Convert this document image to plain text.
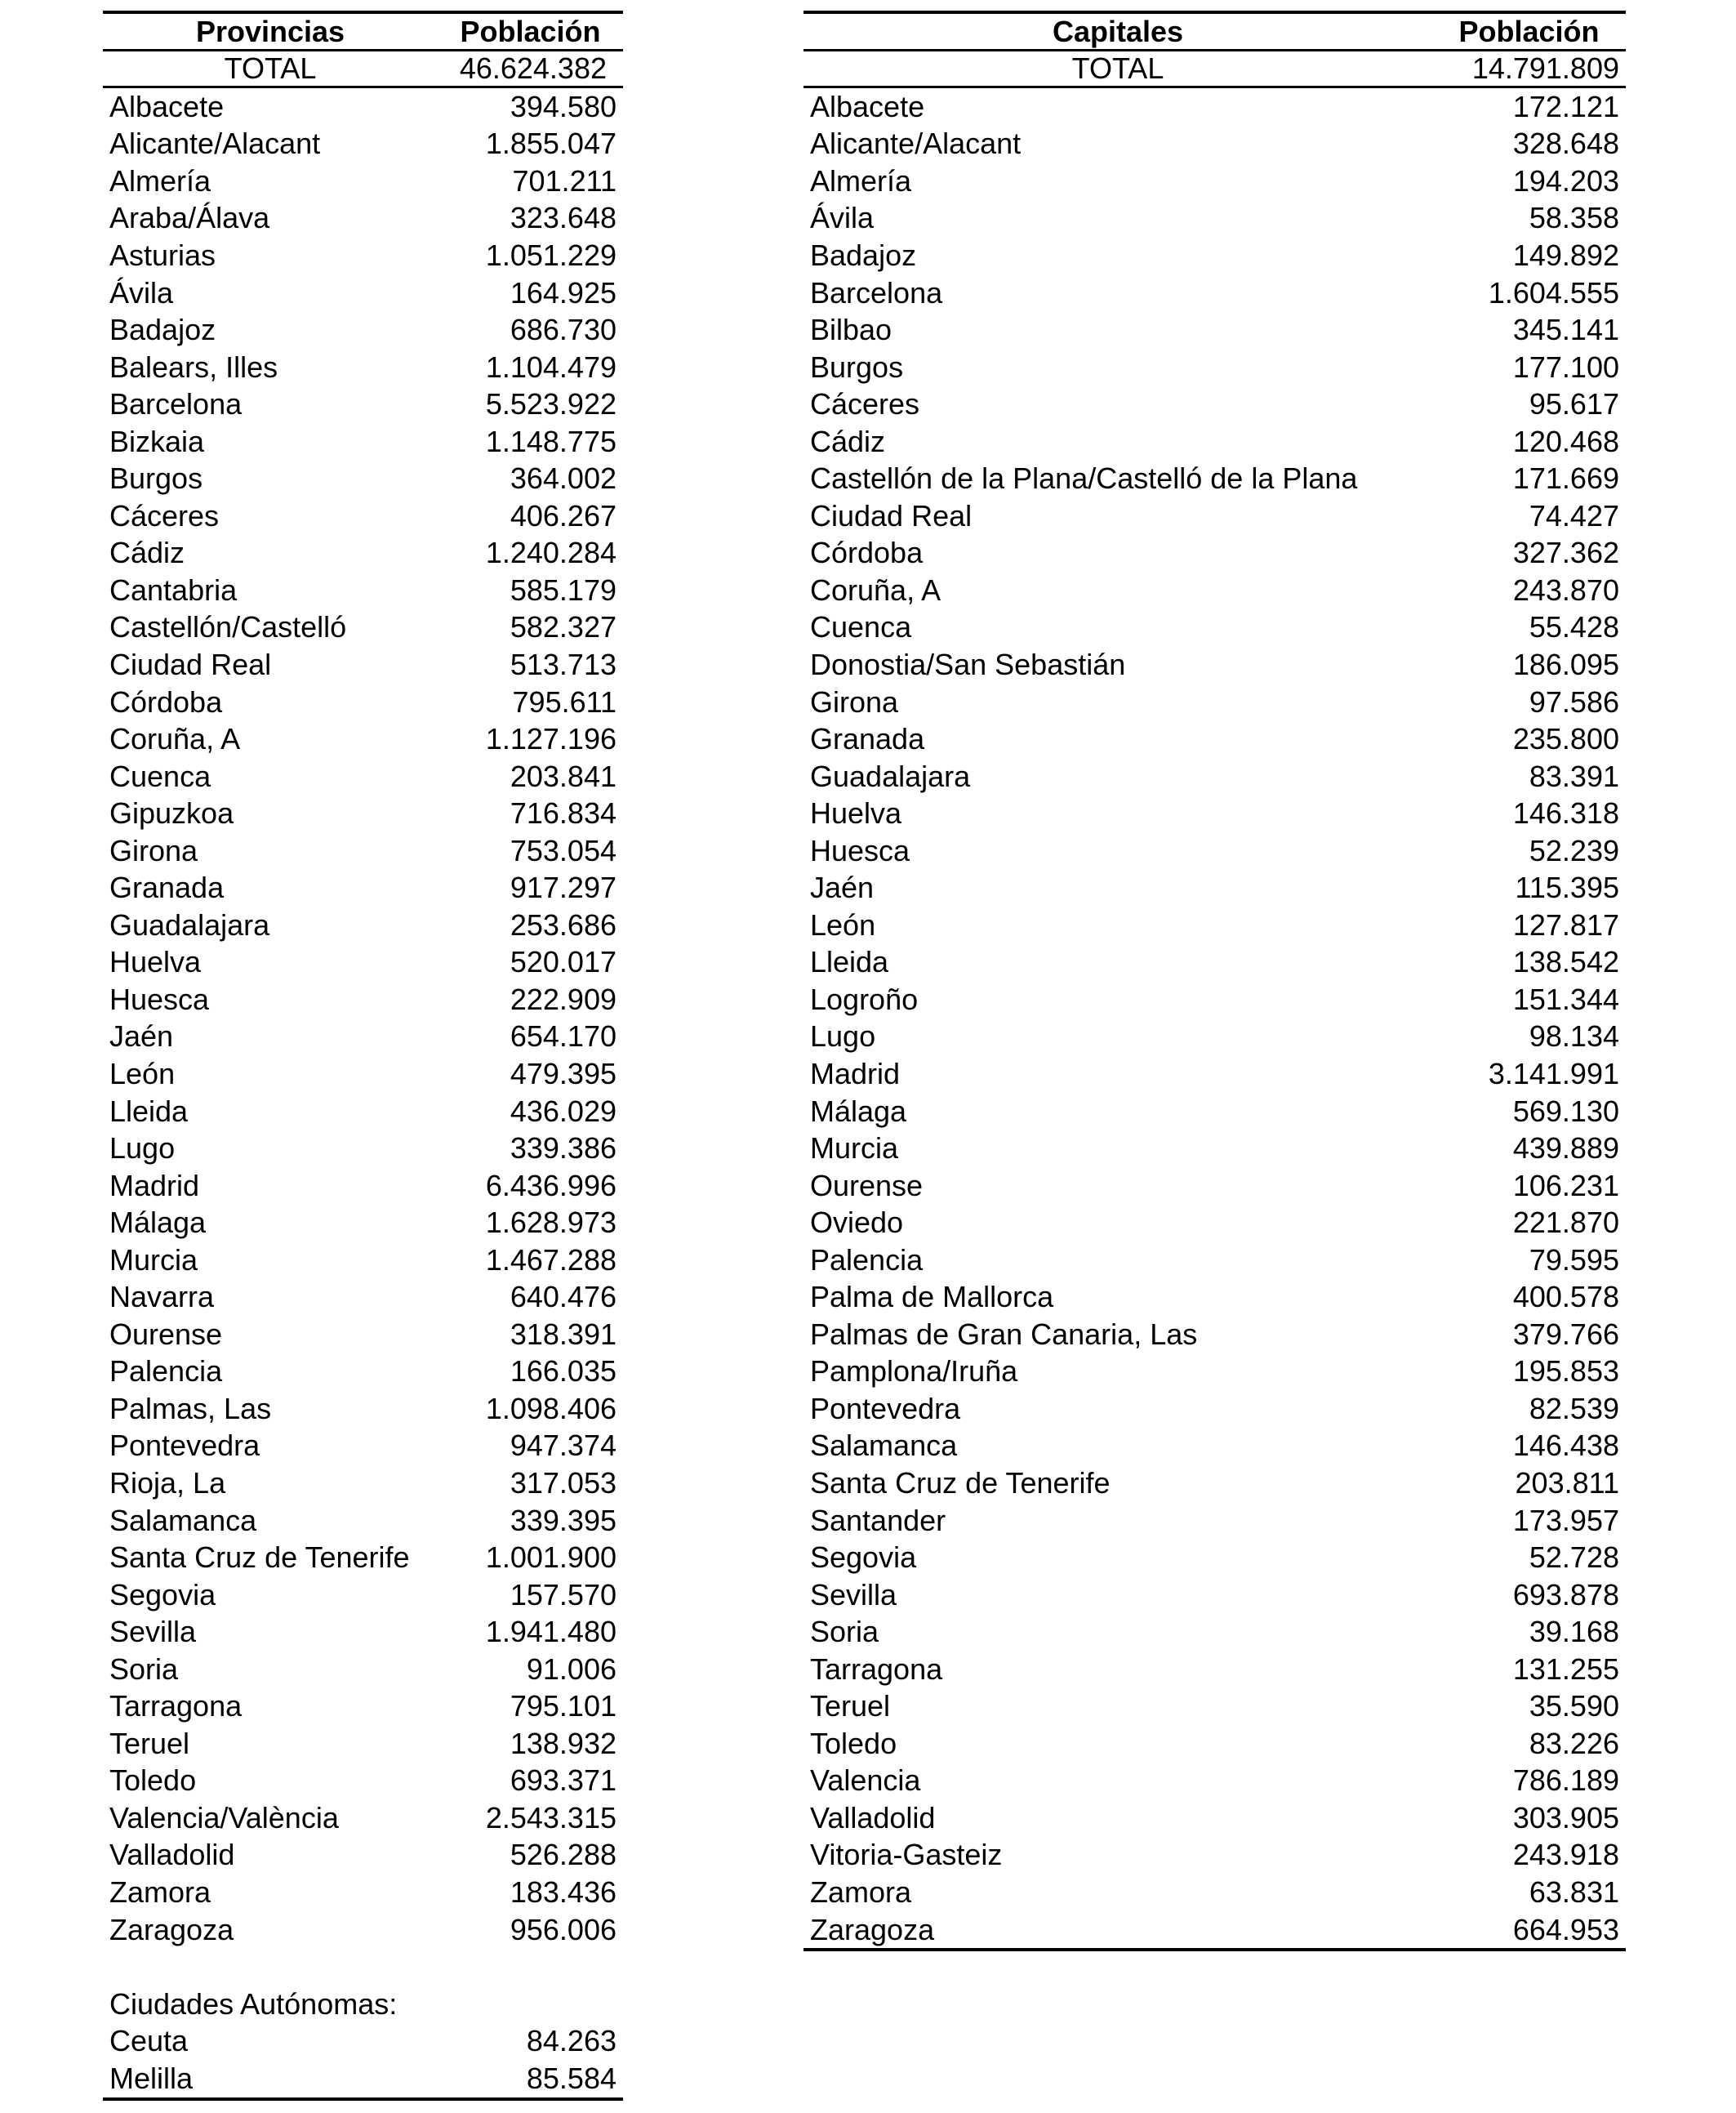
Provincias	Población
TOTAL	46.624.382
Albacete	394.580
Alicante/Alacant	1.855.047
Almería	701.211
Araba/Álava	323.648
Asturias	1.051.229
Ávila	164.925
Badajoz	686.730
Balears, Illes	1.104.479
Barcelona	5.523.922
Bizkaia	1.148.775
Burgos	364.002
Cáceres	406.267
Cádiz	1.240.284
Cantabria	585.179
Castellón/Castelló	582.327
Ciudad Real	513.713
Córdoba	795.611
Coruña, A	1.127.196
Cuenca	203.841
Gipuzkoa	716.834
Girona	753.054
Granada	917.297
Guadalajara	253.686
Huelva	520.017
Huesca	222.909
Jaén	654.170
León	479.395
Lleida	436.029
Lugo	339.386
Madrid	6.436.996
Málaga	1.628.973
Murcia	1.467.288
Navarra	640.476
Ourense	318.391
Palencia	166.035
Palmas, Las	1.098.406
Pontevedra	947.374
Rioja, La	317.053
Salamanca	339.395
Santa Cruz de Tenerife	1.001.900
Segovia	157.570
Sevilla	1.941.480
Soria	91.006
Tarragona	795.101
Teruel	138.932
Toledo	693.371
Valencia/València	2.543.315
Valladolid	526.288
Zamora	183.436
Zaragoza	956.006
Ciudades Autónomas:
Ceuta	84.263
Melilla	85.584
Capitales	Población
TOTAL	14.791.809
Albacete	172.121
Alicante/Alacant	328.648
Almería	194.203
Ávila	58.358
Badajoz	149.892
Barcelona	1.604.555
Bilbao	345.141
Burgos	177.100
Cáceres	95.617
Cádiz	120.468
Castellón de la Plana/Castelló de la Plana	171.669
Ciudad Real	74.427
Córdoba	327.362
Coruña, A	243.870
Cuenca	55.428
Donostia/San Sebastián	186.095
Girona	97.586
Granada	235.800
Guadalajara	83.391
Huelva	146.318
Huesca	52.239
Jaén	115.395
León	127.817
Lleida	138.542
Logroño	151.344
Lugo	98.134
Madrid	3.141.991
Málaga	569.130
Murcia	439.889
Ourense	106.231
Oviedo	221.870
Palencia	79.595
Palma de Mallorca	400.578
Palmas de Gran Canaria, Las	379.766
Pamplona/Iruña	195.853
Pontevedra	82.539
Salamanca	146.438
Santa Cruz de Tenerife	203.811
Santander	173.957
Segovia	52.728
Sevilla	693.878
Soria	39.168
Tarragona	131.255
Teruel	35.590
Toledo	83.226
Valencia	786.189
Valladolid	303.905
Vitoria-Gasteiz	243.918
Zamora	63.831
Zaragoza	664.953
